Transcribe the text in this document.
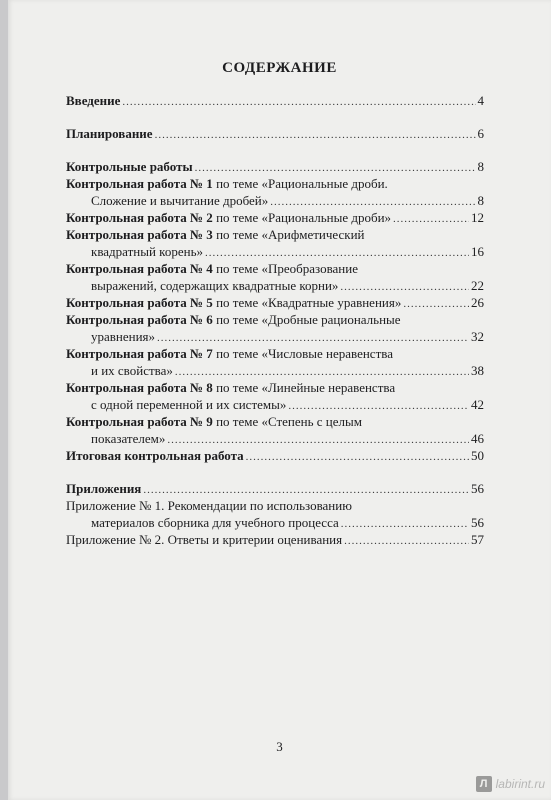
СОДЕРЖАНИЕ
Введение .....	4
Планирование .....	6
Контрольные работы .....	8
Контрольная работа № 1 по теме «Рациональные дроби.
Сложение и вычитание дробей» .....	8
Контрольная работа № 2 по теме «Рациональные дроби» .....	12
Контрольная работа № 3 по теме «Арифметический
квадратный корень» .....	16
Контрольная работа № 4 по теме «Преобразование
выражений, содержащих квадратные корни» .....	22
Контрольная работа № 5 по теме «Квадратные уравнения» .....	26
Контрольная работа № 6 по теме «Дробные рациональные
уравнения» .....	32
Контрольная работа № 7 по теме «Числовые неравенства
и их свойства» .....	38
Контрольная работа № 8 по теме «Линейные неравенства
с одной переменной и их системы» .....	42
Контрольная работа № 9 по теме «Степень с целым
показателем» .....	46
Итоговая контрольная работа .....	50
Приложения .....	56
Приложение № 1. Рекомендации по использованию
материалов сборника для учебного процесса .....	56
Приложение № 2. Ответы и критерии оценивания .....	57
3
Л labirint.ru
